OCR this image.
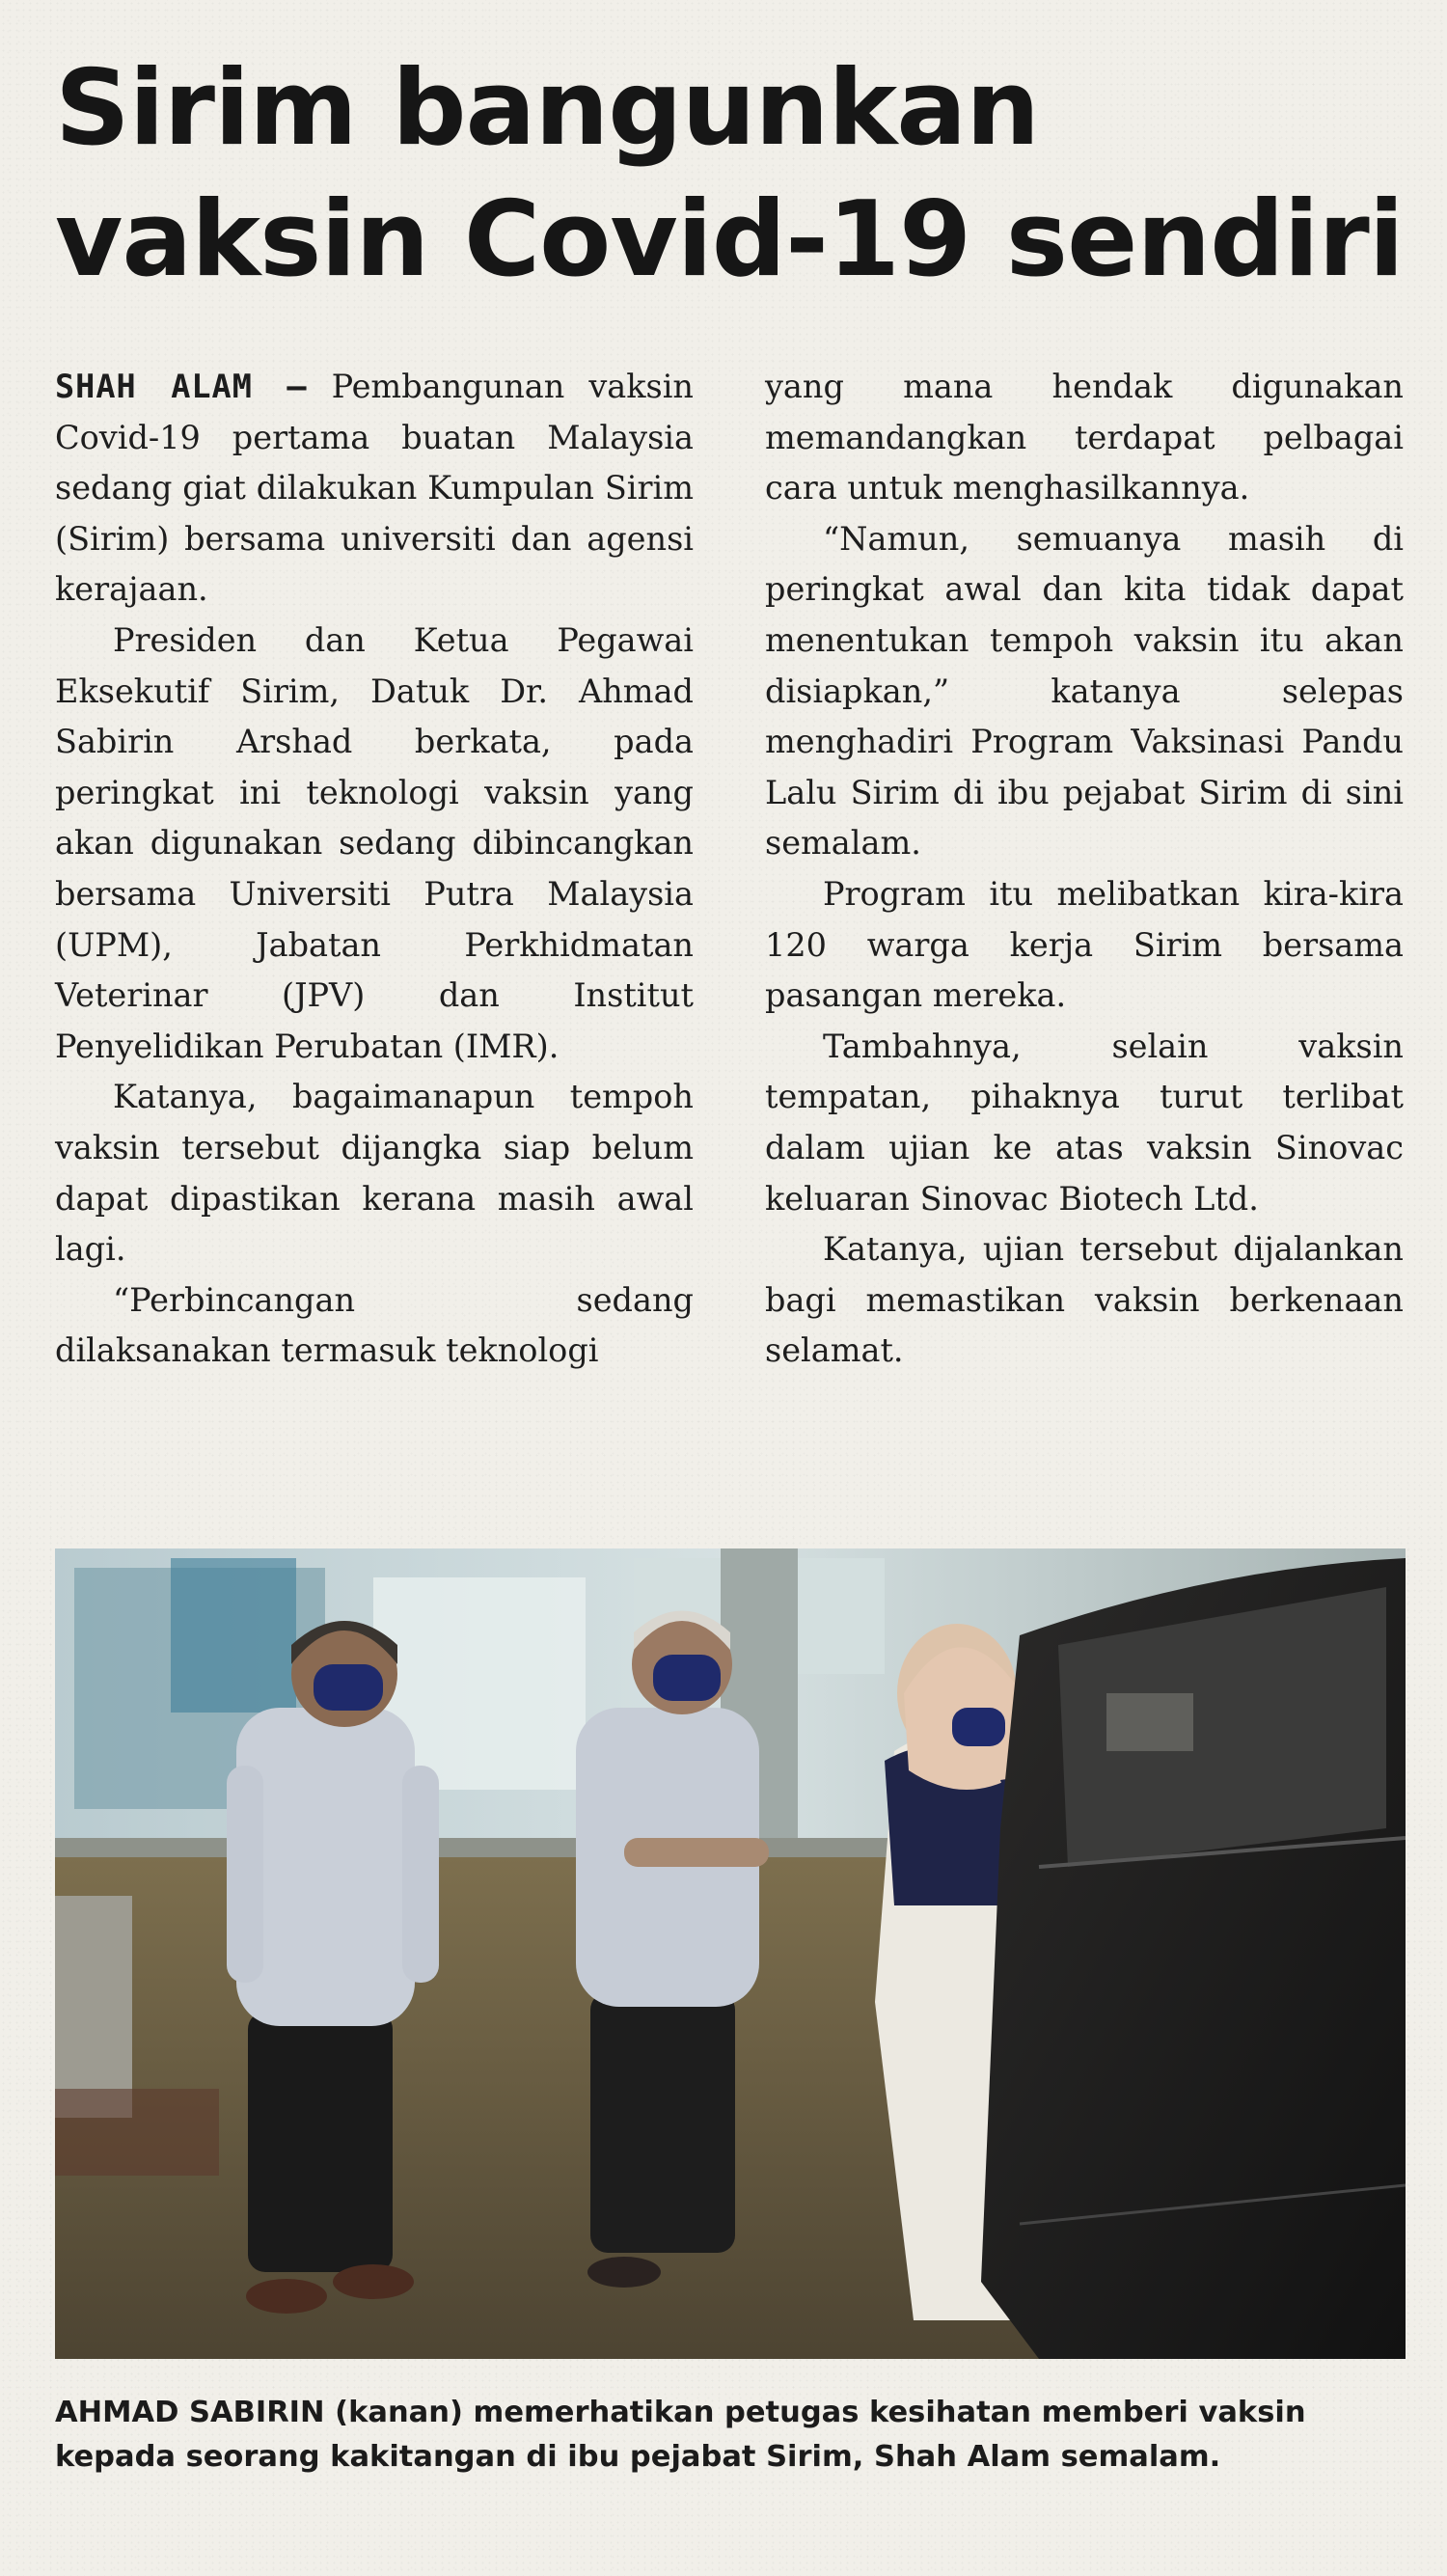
Sirim bangunkan
vaksin Covid-19 sendiri

SHAH ALAM – Pembangunan vaksin Covid-19 pertama buatan Malaysia sedang giat dilakukan Kumpulan Sirim (Sirim) bersama universiti dan agensi kerajaan.

Presiden dan Ketua Pegawai Eksekutif Sirim, Datuk Dr. Ahmad Sabirin Arshad berkata, pada peringkat ini teknologi vaksin yang akan digunakan sedang dibincangkan bersama Universiti Putra Malaysia (UPM), Jabatan Perkhidmatan Veterinar (JPV) dan Institut Penyelidikan Perubatan (IMR).

Katanya, bagaimanapun tempoh vaksin tersebut dijangka siap belum dapat dipastikan kerana masih awal lagi.

“Perbincangan sedang dilaksanakan termasuk teknologi

yang mana hendak digunakan memandangkan terdapat pelbagai cara untuk menghasilkannya.

“Namun, semuanya masih di peringkat awal dan kita tidak dapat menentukan tempoh vaksin itu akan disiapkan,” katanya selepas menghadiri Program Vaksinasi Pandu Lalu Sirim di ibu pejabat Sirim di sini semalam.

Program itu melibatkan kira-kira 120 warga kerja Sirim bersama pasangan mereka.

Tambahnya, selain vaksin tempatan, pihaknya turut terlibat dalam ujian ke atas vaksin Sinovac keluaran Sinovac Biotech Ltd.

Katanya, ujian tersebut dijalankan bagi memastikan vaksin berkenaan selamat.

AHMAD SABIRIN (kanan) memerhatikan petugas kesihatan memberi vaksin kepada seorang kakitangan di ibu pejabat Sirim, Shah Alam semalam.
